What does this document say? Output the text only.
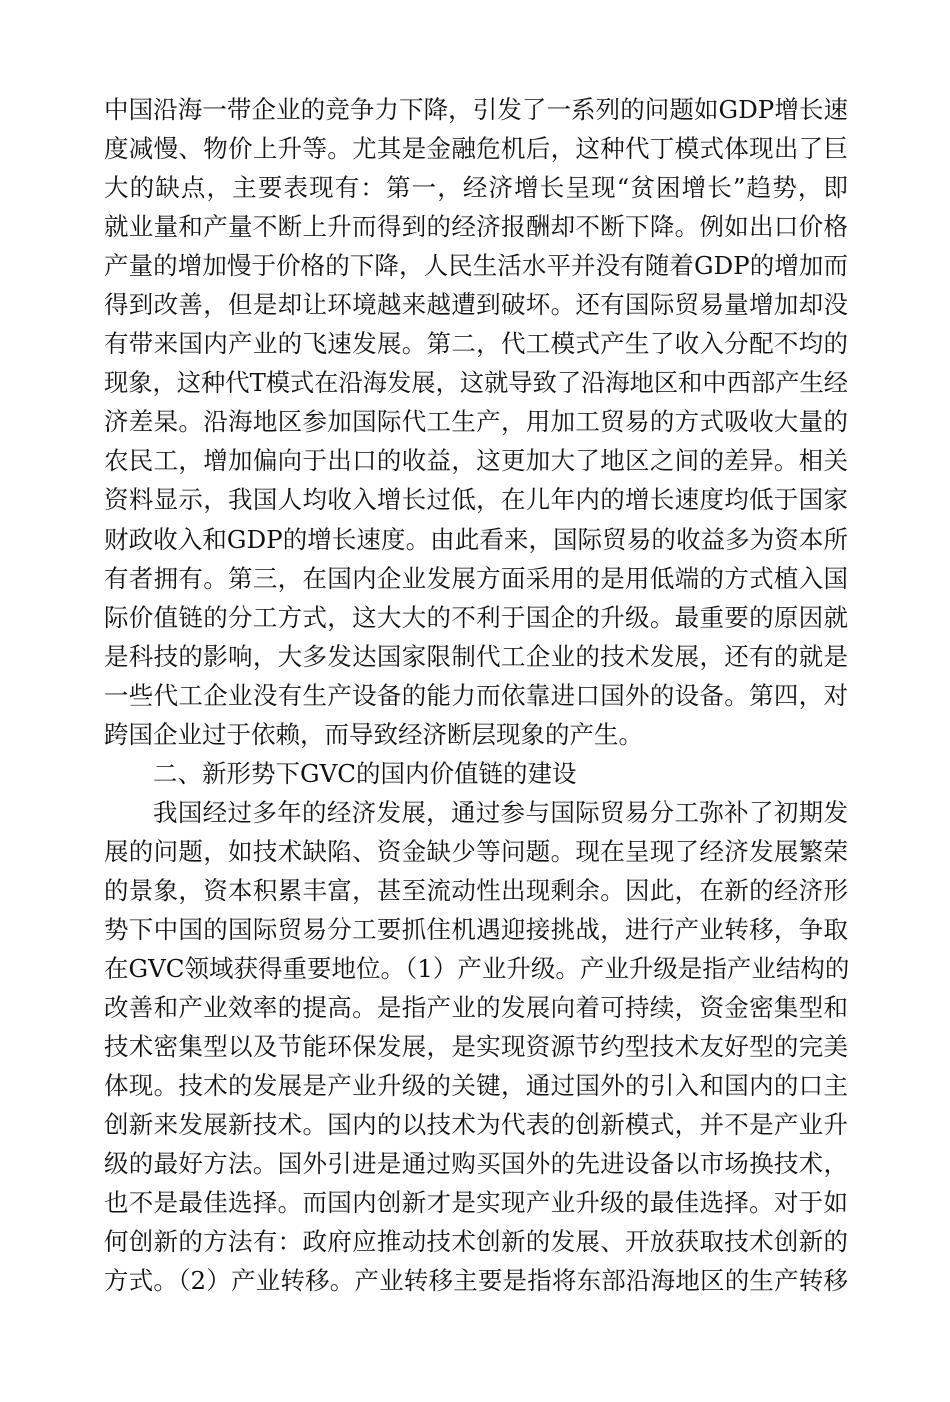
中国沿海一带企业的竞争力下降，引发了一系列的问题如GDP增长速
度减慢、物价上升等。尤其是金融危机后，这种代丁模式体现出了巨
大的缺点，主要表现有：第一，经济增长呈现“贫困增长”趋势，即
就业量和产量不断上升而得到的经济报酬却不断下降。例如出口价格
产量的增加慢于价格的下降，人民生活水平并没有随着GDP的增加而
得到改善，但是却让环境越来越遭到破坏。还有国际贸易量增加却没
有带来国内产业的飞速发展。第二，代工模式产生了收入分配不均的
现象，这种代T模式在沿海发展，这就导致了沿海地区和中西部产生经
济差杲。沿海地区参加国际代工生产，用加工贸易的方式吸收大量的
农民工，增加偏向于出口的收益，这更加大了地区之间的差异。相关
资料显示，我国人均收入增长过低，在儿年内的增长速度均低于国家
财政收入和GDP的增长速度。由此看来，国际贸易的收益多为资本所
有者拥有。第三，在国内企业发展方面采用的是用低端的方式植入国
际价值链的分工方式，这大大的不利于国企的升级。最重要的原因就
是科技的影响，大多发达国家限制代工企业的技术发展，还有的就是
一些代工企业没有生产设备的能力而依靠进口国外的设备。第四，对
跨国企业过于依赖，而导致经济断层现象的产生。
二、新形势下GVC的国内价值链的建设
我国经过多年的经济发展，通过参与国际贸易分工弥补了初期发
展的问题，如技术缺陷、资金缺少等问题。现在呈现了经济发展繁荣
的景象，资本积累丰富，甚至流动性出现剩余。因此，在新的经济形
势下中国的国际贸易分工要抓住机遇迎接挑战，进行产业转移，争取
在GVC领域获得重要地位。（1）产业升级。产业升级是指产业结构的
改善和产业效率的提高。是指产业的发展向着可持续，资金密集型和
技术密集型以及节能环保发展，是实现资源节约型技术友好型的完美
体现。技术的发展是产业升级的关键，通过国外的引入和国内的口主
创新来发展新技术。国内的以技术为代表的创新模式，并不是产业升
级的最好方法。国外引进是通过购买国外的先进设备以市场换技术，
也不是最佳选择。而国内创新才是实现产业升级的最佳选择。对于如
何创新的方法有：政府应推动技术创新的发展、开放获取技术创新的
方式。（2）产业转移。产业转移主要是指将东部沿海地区的生产转移
